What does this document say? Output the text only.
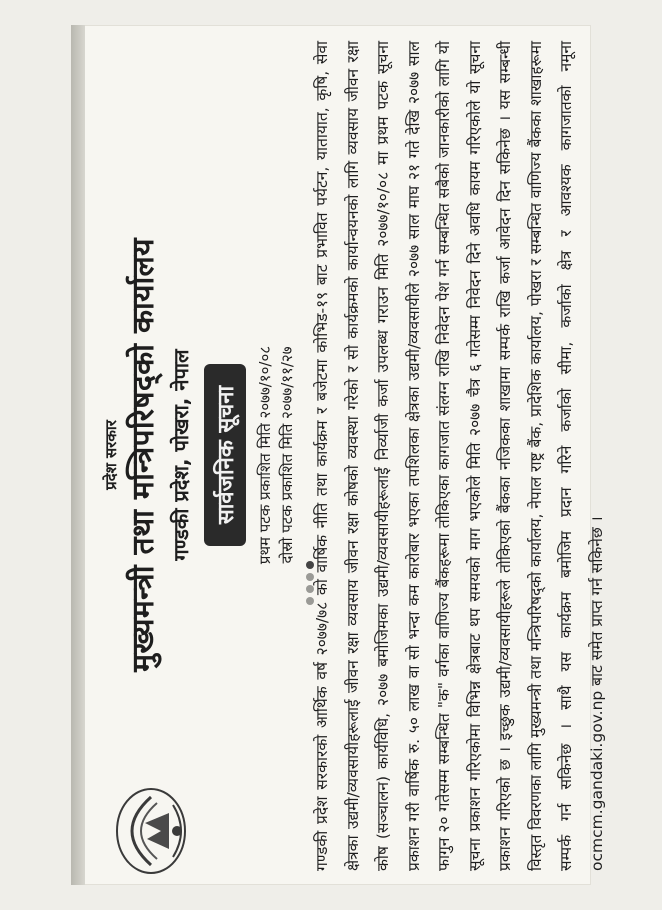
प्रदेश सरकार मुख्यमन्त्री तथा मन्त्रिपरिषद्को कार्यालय गण्डकी प्रदेश, पोखरा, नेपाल सार्वजनिक सूचना प्रथम पटक प्रकाशित मिति २०७७/१०/०८ दोस्रो पटक प्रकाशित मिति २०७७/११/२७	गण्डकी प्रदेश सरकारको आर्थिक वर्ष २०७७/७८ को वार्षिक नीति तथा कार्यक्रम र बजेटमा कोभिड-१९ बाट प्रभावित पर्यटन, यातायात, कृषि, सेवा क्षेत्रका उद्यमी/व्यवसायीहरूलाई जीवन रक्षा व्यवसाय जीवन रक्षा कोषको व्यवस्था गरेको र सो कार्यक्रमको कार्यान्वयनको लागि व्यवसाय जीवन रक्षा कोष (सञ्चालन) कार्यविधि, २०७७ बमोजिमका उद्यमी/व्यवसायीहरूलाई निर्व्याजी कर्जा उपलब्ध गराउन मिति २०७७/१०/०८ मा प्रथम पटक सूचना प्रकाशन गरी वार्षिक रु. ५० लाख वा सो भन्दा कम कारोबार भएका तपशिलका क्षेत्रका उद्यमी/व्यवसायीले २०७७ साल माघ २१ गते देखि २०७७ साल फागुन २० गतेसम्म सम्बन्धित "क" वर्गका वाणिज्य बैंकहरूमा तोकिएका कागजात संलग्न राखि निवेदन पेश गर्न सम्बन्धित सबैको जानकारीको लागि यो सूचना प्रकाशन गरिएकोमा विभिन्न क्षेत्रबाट थप समयको माग भएकोले मिति २०७७ चैत्र ६ गतेसम्म निवेदन दिने अवधि कायम गरिएकोले यो सूचना प्रकाशन गरिएको छ । इच्छुक उद्यमी/व्यवसायीहरूले तोकिएको बैंकका नजिकका शाखामा सम्पर्क राखि कर्जा आवेदन दिन सकिनेछ । यस सम्बन्धी विस्तृत विवरणका लागि मुख्यमन्त्री तथा मन्त्रिपरिषद्को कार्यालय, नेपाल राष्ट्र बैंक, प्रादेशिक कार्यालय, पोखरा र सम्बन्धित वाणिज्य बैंकका शाखाहरूमा सम्पर्क गर्न सकिनेछ । साथै यस कार्यक्रम बमोजिम प्रदान गरिने कर्जाको सीमा, कर्जाको क्षेत्र र आवश्यक कागजातको नमूना ocmcm.gandaki.gov.np बाट समेत प्राप्त गर्न सकिनेछ ।
